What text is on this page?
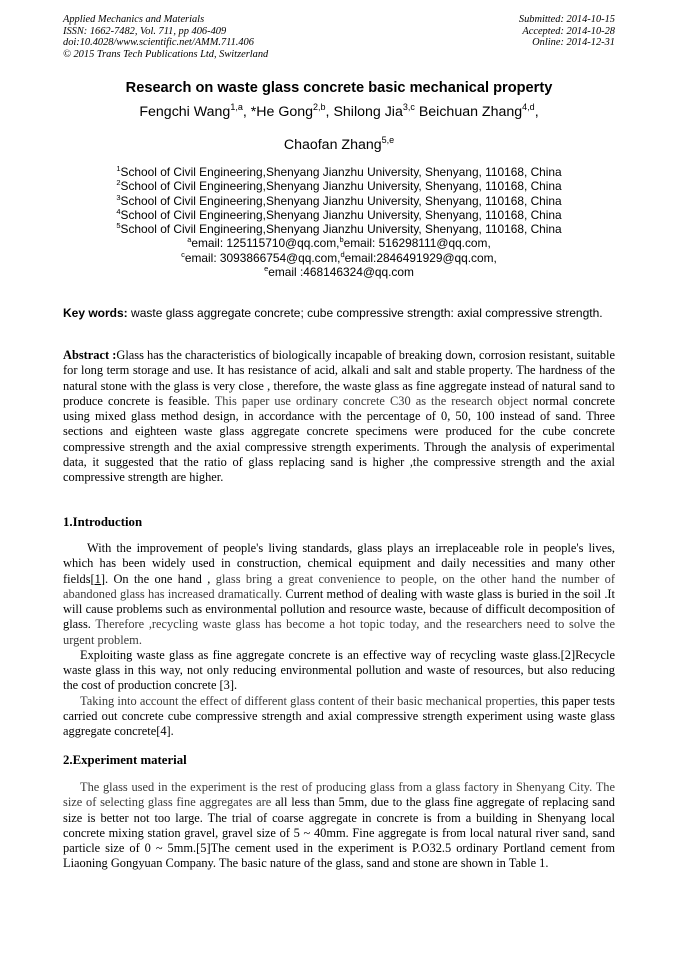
Applied Mechanics and Materials
ISSN: 1662-7482, Vol. 711, pp 406-409
doi:10.4028/www.scientific.net/AMM.711.406
© 2015 Trans Tech Publications Ltd, Switzerland
Submitted: 2014-10-15
Accepted: 2014-10-28
Online: 2014-12-31
Research on waste glass concrete basic mechanical property
Fengchi Wang$^{1,a}$, *He Gong$^{2,b}$, Shilong Jia$^{3,c}$ Beichuan Zhang$^{4,d}$,
Chaofan Zhang$^{5,e}$
$^1$School of Civil Engineering,Shenyang Jianzhu University, Shenyang, 110168, China
$^2$School of Civil Engineering,Shenyang Jianzhu University, Shenyang, 110168, China
$^3$School of Civil Engineering,Shenyang Jianzhu University, Shenyang, 110168, China
$^4$School of Civil Engineering,Shenyang Jianzhu University, Shenyang, 110168, China
$^5$School of Civil Engineering,Shenyang Jianzhu University, Shenyang, 110168, China
$^a$email: 125115710@qq.com,$^b$email: 516298111@qq.com,
$^c$email: 3093866754@qq.com,$^d$email:2846491929@qq.com,
$^e$email :468146324@qq.com
Key words: waste glass aggregate concrete; cube compressive strength: axial compressive strength.
Abstract :Glass has the characteristics of biologically incapable of breaking down, corrosion resistant, suitable for long term storage and use. It has resistance of acid, alkali and salt and stable property. The hardness of the natural stone with the glass is very close , therefore, the waste glass as fine aggregate instead of natural sand to produce concrete is feasible. This paper use ordinary concrete C30 as the research object normal concrete using mixed glass method design, in accordance with the percentage of 0, 50, 100 instead of sand. Three sections and eighteen waste glass aggregate concrete specimens were produced for the cube concrete compressive strength and the axial compressive strength experiments. Through the analysis of experimental data, it suggested that the ratio of glass replacing sand is higher ,the compressive strength and the axial compressive strength are higher.
1.Introduction

With the improvement of people's living standards, glass plays an irreplaceable role in people's lives, which has been widely used in construction, chemical equipment and daily necessities and many other fields[1]. On the one hand , glass bring a great convenience to people, on the other hand the number of abandoned glass has increased dramatically. Current method of dealing with waste glass is buried in the soil .It will cause problems such as environmental pollution and resource waste, because of difficult decomposition of glass. Therefore ,recycling waste glass has become a hot topic today, and the researchers need to solve the urgent problem.

Exploiting waste glass as fine aggregate concrete is an effective way of recycling waste glass.[2]Recycle waste glass in this way, not only reducing environmental pollution and waste of resources, but also reducing the cost of production concrete [3].

Taking into account the effect of different glass content of their basic mechanical properties, this paper tests carried out concrete cube compressive strength and axial compressive strength experiment using waste glass aggregate concrete[4].

2.Experiment material

The glass used in the experiment is the rest of producing glass from a glass factory in Shenyang City. The size of selecting glass fine aggregates are all less than 5mm, due to the glass fine aggregate of replacing sand size is better not too large. The trial of coarse aggregate in concrete is from a building in Shenyang local concrete mixing station gravel, gravel size of 5 ~ 40mm. Fine aggregate is from local natural river sand, sand particle size of 0 ~ 5mm.[5]The cement used in the experiment is P.O32.5 ordinary Portland cement from Liaoning Gongyuan Company. The basic nature of the glass, sand and stone are shown in Table 1.
